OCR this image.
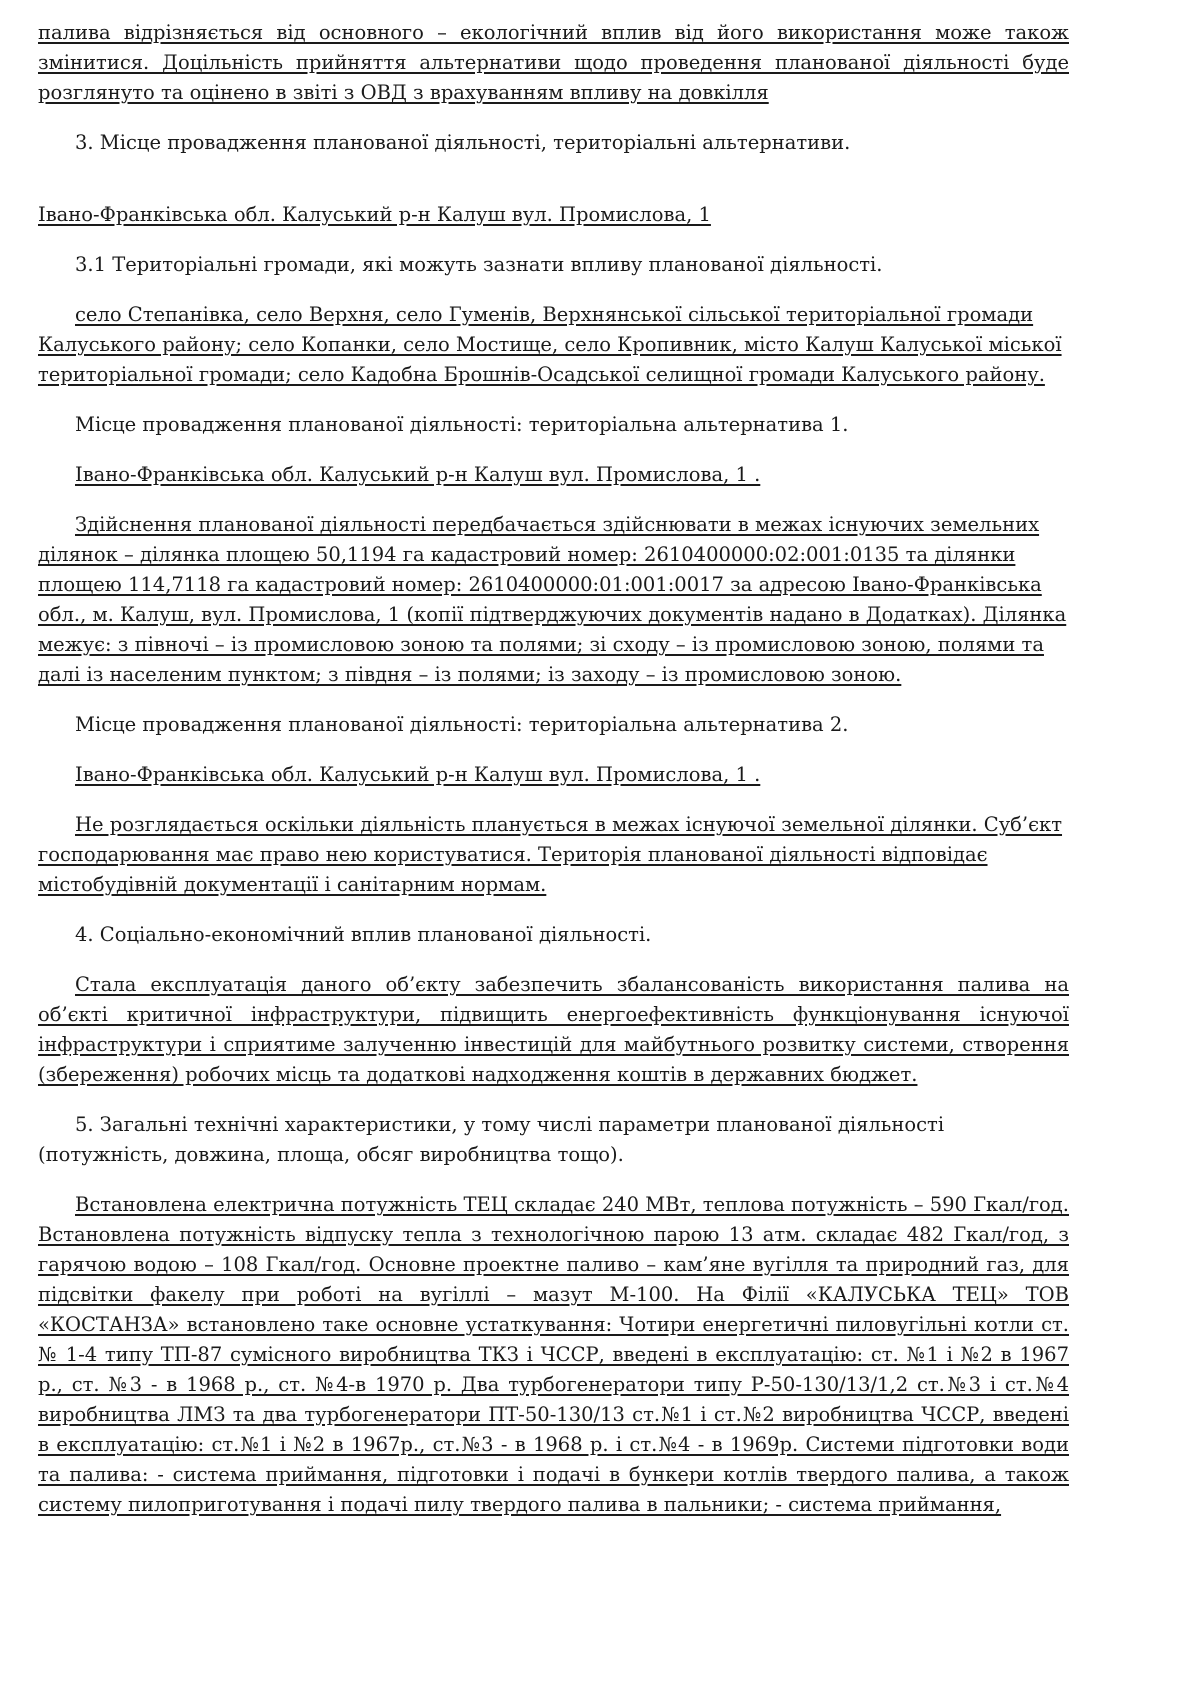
палива відрізняється від основного – екологічний вплив від його використання може також змінитися. Доцільність прийняття альтернативи щодо проведення планованої діяльності буде розглянуто та оцінено в звіті з ОВД з врахуванням впливу на довкілля

3. Місце провадження планованої діяльності, територіальні альтернативи.

Івано-Франківська обл. Калуський р-н Калуш вул. Промислова, 1

3.1 Територіальні громади, які можуть зазнати впливу планованої діяльності.

село Степанівка, село Верхня, село Гуменів, Верхнянської сільської територіальної громади Калуського району; село Копанки, село Мостище, село Кропивник, місто Калуш Калуської міської територіальної громади; село Кадобна Брошнів-Осадської селищної громади Калуського району.

Місце провадження планованої діяльності: територіальна альтернатива 1.

Івано-Франківська обл. Калуський р-н Калуш вул. Промислова, 1 .

Здійснення планованої діяльності передбачається здійснювати в межах існуючих земельних ділянок – ділянка площею 50,1194 га кадастровий номер: 2610400000:02:001:0135 та ділянки площею 114,7118 га кадастровий номер: 2610400000:01:001:0017 за адресою Івано-Франківська обл., м. Калуш, вул. Промислова, 1 (копії підтверджуючих документів надано в Додатках). Ділянка межує: з півночі – із промисловою зоною та полями; зі сходу – із промисловою зоною, полями та далі із населеним пунктом; з півдня – із полями; із заходу – із промисловою зоною.

Місце провадження планованої діяльності: територіальна альтернатива 2.

Івано-Франківська обл. Калуський р-н Калуш вул. Промислова, 1 .

Не розглядається оскільки діяльність планується в межах існуючої земельної ділянки. Суб’єкт господарювання має право нею користуватися. Територія планованої діяльності відповідає містобудівній документації і санітарним нормам.

4. Соціально-економічний вплив планованої діяльності.

Стала експлуатація даного об’єкту забезпечить збалансованість використання палива на об’єкті критичної інфраструктури, підвищить енергоефективність функціонування існуючої інфраструктури і сприятиме залученню інвестицій для майбутнього розвитку системи, створення (збереження) робочих місць та додаткові надходження коштів в державних бюджет.

5. Загальні технічні характеристики, у тому числі параметри планованої діяльності (потужність, довжина, площа, обсяг виробництва тощо).

Встановлена електрична потужність ТЕЦ складає 240 МВт, теплова потужність – 590 Гкал/год. Встановлена потужність відпуску тепла з технологічною парою 13 атм. складає 482 Гкал/год, з гарячою водою – 108 Гкал/год. Основне проектне паливо – кам’яне вугілля та природний газ, для підсвітки факелу при роботі на вугіллі – мазут М-100. На Філії «КАЛУСЬКА ТЕЦ» ТОВ «КОСТАНЗА» встановлено таке основне устаткування: Чотири енергетичні пиловугільні котли ст. № 1-4 типу ТП-87 сумісного виробництва ТКЗ і ЧССР, введені в експлуатацію: ст. №1 і №2 в 1967 р., ст. №3 - в 1968 р., ст. №4-в 1970 р. Два турбогенератори типу Р-50-130/13/1,2 ст.№3 і ст.№4 виробництва ЛМЗ та два турбогенератори ПТ-50-130/13 ст.№1 і ст.№2 виробництва ЧССР, введені в експлуатацію: ст.№1 і №2 в 1967р., ст.№3 - в 1968 р. і ст.№4 - в 1969р. Системи підготовки води та палива: - система приймання, підготовки і подачі в бункери котлів твердого палива, а також систему пилоприготування і подачі пилу твердого палива в пальники; - система приймання,
